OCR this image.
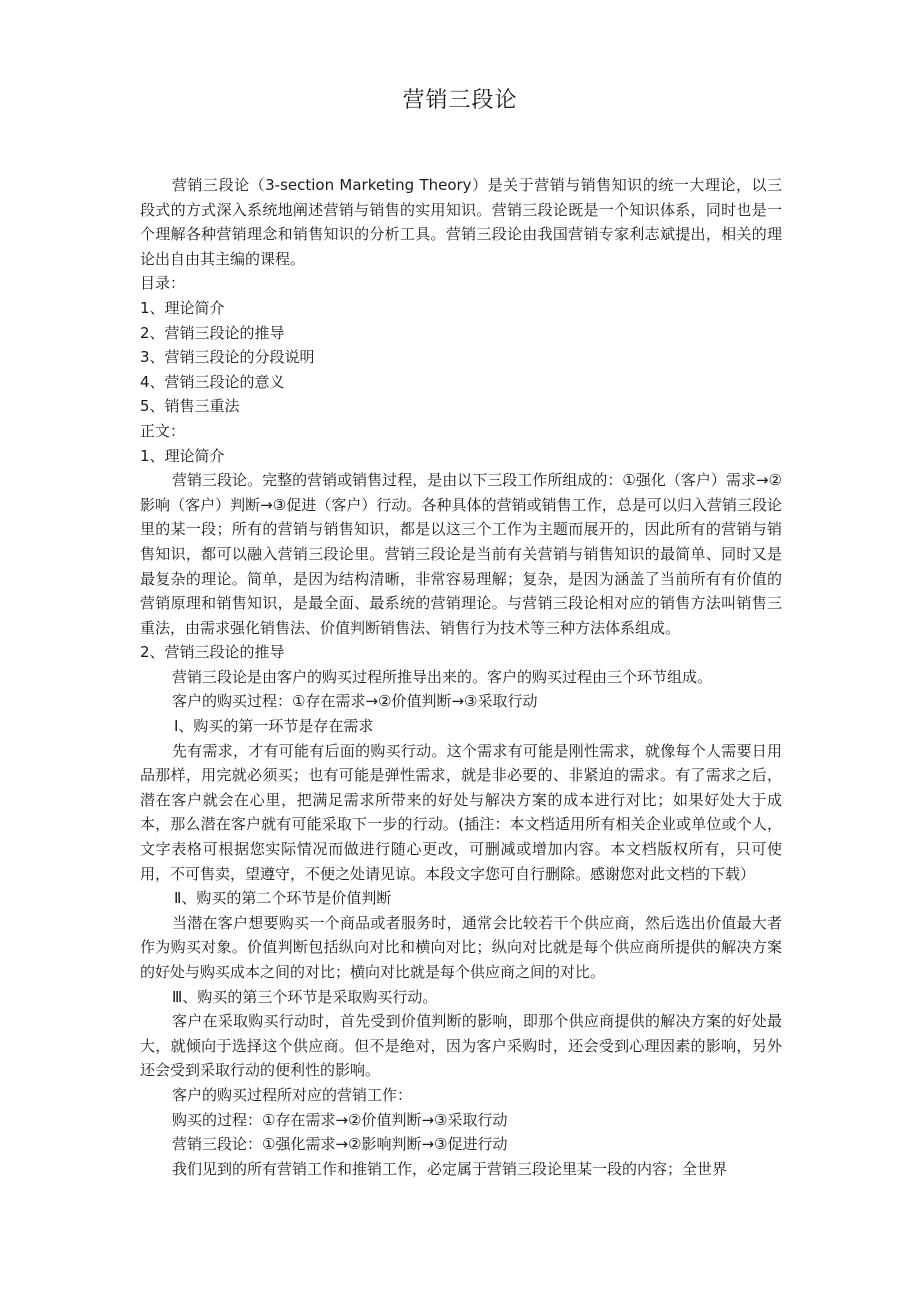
营销三段论

营销三段论（3-section Marketing Theory）是关于营销与销售知识的统一大理论，以三段式的方式深入系统地阐述营销与销售的实用知识。营销三段论既是一个知识体系，同时也是一个理解各种营销理念和销售知识的分析工具。营销三段论由我国营销专家利志斌提出，相关的理论出自由其主编的课程。

目录：

1、理论简介

2、营销三段论的推导

3、营销三段论的分段说明

4、营销三段论的意义

5、销售三重法

正文：

1、理论简介

营销三段论。完整的营销或销售过程，是由以下三段工作所组成的：①强化（客户）需求→②影响（客户）判断→③促进（客户）行动。各种具体的营销或销售工作，总是可以归入营销三段论里的某一段；所有的营销与销售知识，都是以这三个工作为主题而展开的，因此所有的营销与销售知识，都可以融入营销三段论里。营销三段论是当前有关营销与销售知识的最简单、同时又是最复杂的理论。简单，是因为结构清晰，非常容易理解；复杂，是因为涵盖了当前所有有价值的营销原理和销售知识，是最全面、最系统的营销理论。与营销三段论相对应的销售方法叫销售三重法，由需求强化销售法、价值判断销售法、销售行为技术等三种方法体系组成。

2、营销三段论的推导

营销三段论是由客户的购买过程所推导出来的。客户的购买过程由三个环节组成。

客户的购买过程：①存在需求→②价值判断→③采取行动

Ⅰ、购买的第一环节是存在需求

先有需求，才有可能有后面的购买行动。这个需求有可能是刚性需求，就像每个人需要日用品那样，用完就必须买；也有可能是弹性需求，就是非必要的、非紧迫的需求。有了需求之后，潜在客户就会在心里，把满足需求所带来的好处与解决方案的成本进行对比；如果好处大于成本，那么潜在客户就有可能采取下一步的行动。(插注：本文档适用所有相关企业或单位或个人，文字表格可根据您实际情况而做进行随心更改，可删减或增加内容。本文档版权所有，只可使用，不可售卖，望遵守，不便之处请见谅。本段文字您可自行删除。感谢您对此文档的下载）

Ⅱ、购买的第二个环节是价值判断

当潜在客户想要购买一个商品或者服务时，通常会比较若干个供应商，然后选出价值最大者作为购买对象。价值判断包括纵向对比和横向对比；纵向对比就是每个供应商所提供的解决方案的好处与购买成本之间的对比；横向对比就是每个供应商之间的对比。

Ⅲ、购买的第三个环节是采取购买行动。

客户在采取购买行动时，首先受到价值判断的影响，即那个供应商提供的解决方案的好处最大，就倾向于选择这个供应商。但不是绝对，因为客户采购时，还会受到心理因素的影响，另外还会受到采取行动的便利性的影响。

客户的购买过程所对应的营销工作：

购买的过程：①存在需求→②价值判断→③采取行动

营销三段论：①强化需求→②影响判断→③促进行动

我们见到的所有营销工作和推销工作，必定属于营销三段论里某一段的内容；全世界
